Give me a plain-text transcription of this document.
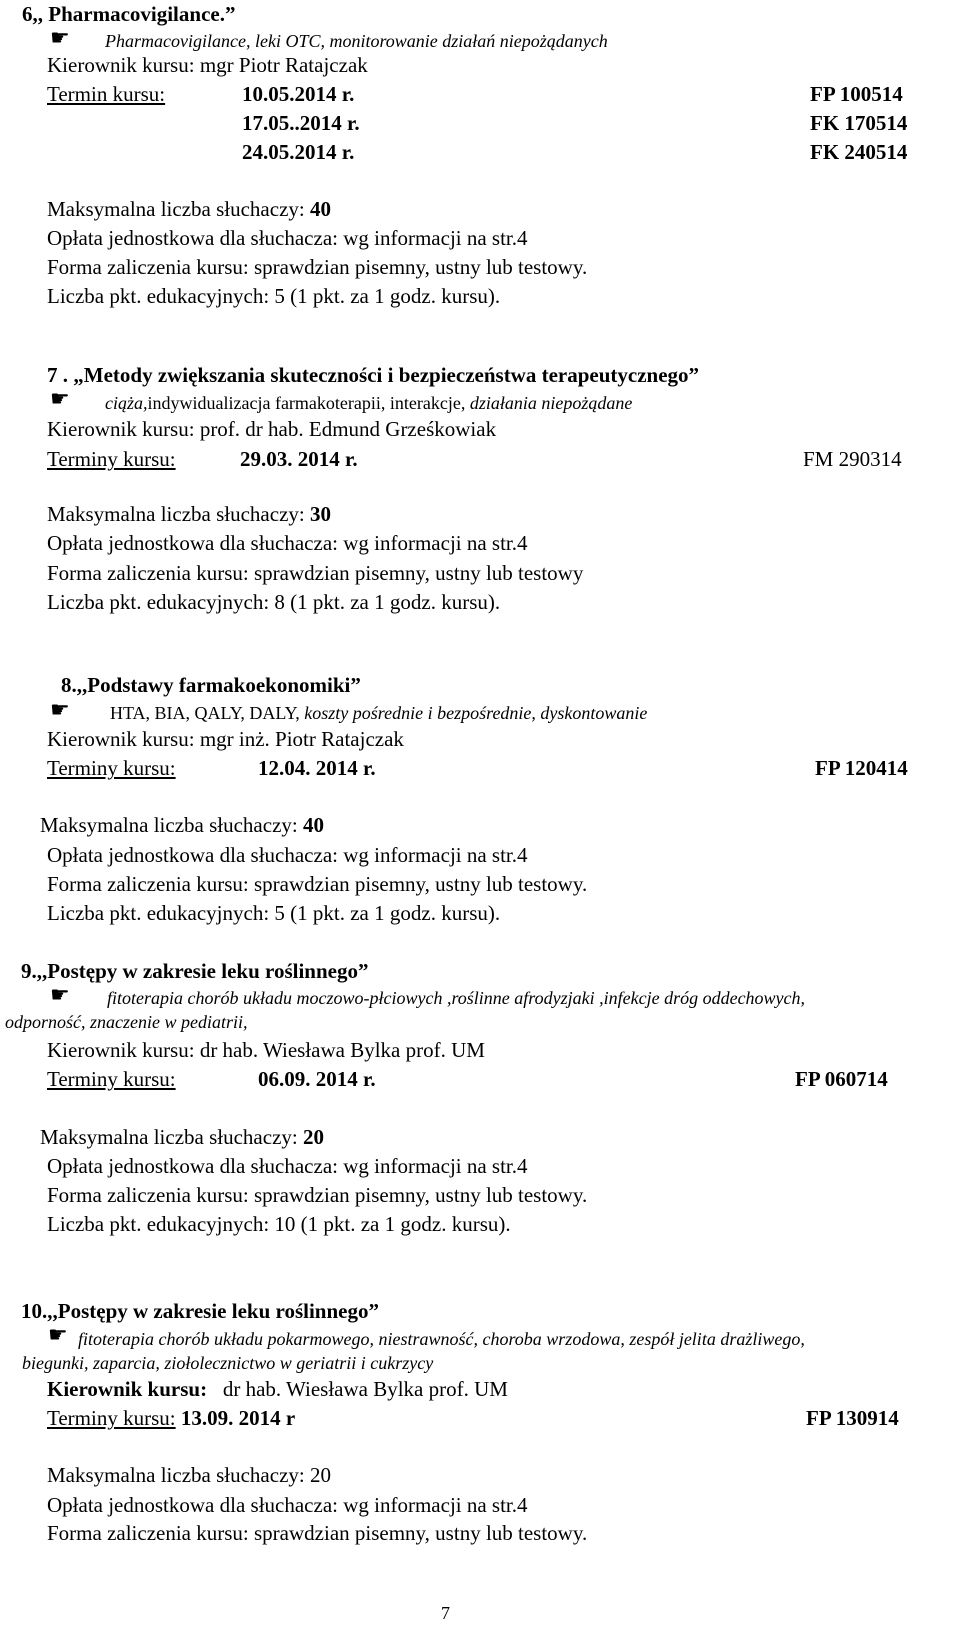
6,, Pharmacovigilance.”
☛ Pharmacovigilance, leki OTC, monitorowanie działań niepożądanych
Kierownik kursu: mgr Piotr Ratajczak
Termin kursu:	10.05.2014 r.	FP 100514
17.05..2014 r.	FK 170514
24.05.2014 r.	FK 240514
Maksymalna liczba słuchaczy: 40
Opłata jednostkowa dla słuchacza: wg informacji na str.4
Forma zaliczenia kursu: sprawdzian pisemny, ustny lub testowy.
Liczba pkt. edukacyjnych: 5 (1 pkt. za 1 godz. kursu).
7 . „Metody zwiększania skuteczności i bezpieczeństwa terapeutycznego”
☛ ciąża,indywidualizacja farmakoterapii, interakcje, działania niepożądane
Kierownik kursu: prof. dr hab. Edmund Grześkowiak
Terminy kursu:	29.03. 2014 r.	FM 290314
Maksymalna liczba słuchaczy: 30
Opłata jednostkowa dla słuchacza: wg informacji na str.4
Forma zaliczenia kursu: sprawdzian pisemny, ustny lub testowy
Liczba pkt. edukacyjnych: 8 (1 pkt. za 1 godz. kursu).
8.,,Podstawy farmakoekonomiki”
☛ HTA, BIA, QALY, DALY, koszty pośrednie i bezpośrednie, dyskontowanie
Kierownik kursu: mgr inż. Piotr Ratajczak
Terminy kursu:	12.04. 2014 r.	FP 120414
Maksymalna liczba słuchaczy: 40
Opłata jednostkowa dla słuchacza: wg informacji na str.4
Forma zaliczenia kursu: sprawdzian pisemny, ustny lub testowy.
Liczba pkt. edukacyjnych: 5 (1 pkt. za 1 godz. kursu).
9.,,Postępy w zakresie leku roślinnego”
☛ fitoterapia chorób układu moczowo-płciowych ,roślinne afrodyzjaki ,infekcje dróg oddechowych,
odporność, znaczenie w pediatrii,
Kierownik kursu: dr hab. Wiesława Bylka prof. UM
Terminy kursu:	06.09. 2014 r.	FP 060714
Maksymalna liczba słuchaczy: 20
Opłata jednostkowa dla słuchacza: wg informacji na str.4
Forma zaliczenia kursu: sprawdzian pisemny, ustny lub testowy.
Liczba pkt. edukacyjnych: 10 (1 pkt. za 1 godz. kursu).
10.,,Postępy w zakresie leku roślinnego”
☛ fitoterapia chorób układu pokarmowego, niestrawność, choroba wrzodowa, zespół jelita drażliwego,
biegunki, zaparcia, ziołolecznictwo w geriatrii i cukrzycy
Kierownik kursu: dr hab. Wiesława Bylka prof. UM
Terminy kursu: 13.09. 2014 r	FP 130914
Maksymalna liczba słuchaczy: 20
Opłata jednostkowa dla słuchacza: wg informacji na str.4
Forma zaliczenia kursu: sprawdzian pisemny, ustny lub testowy.
7
